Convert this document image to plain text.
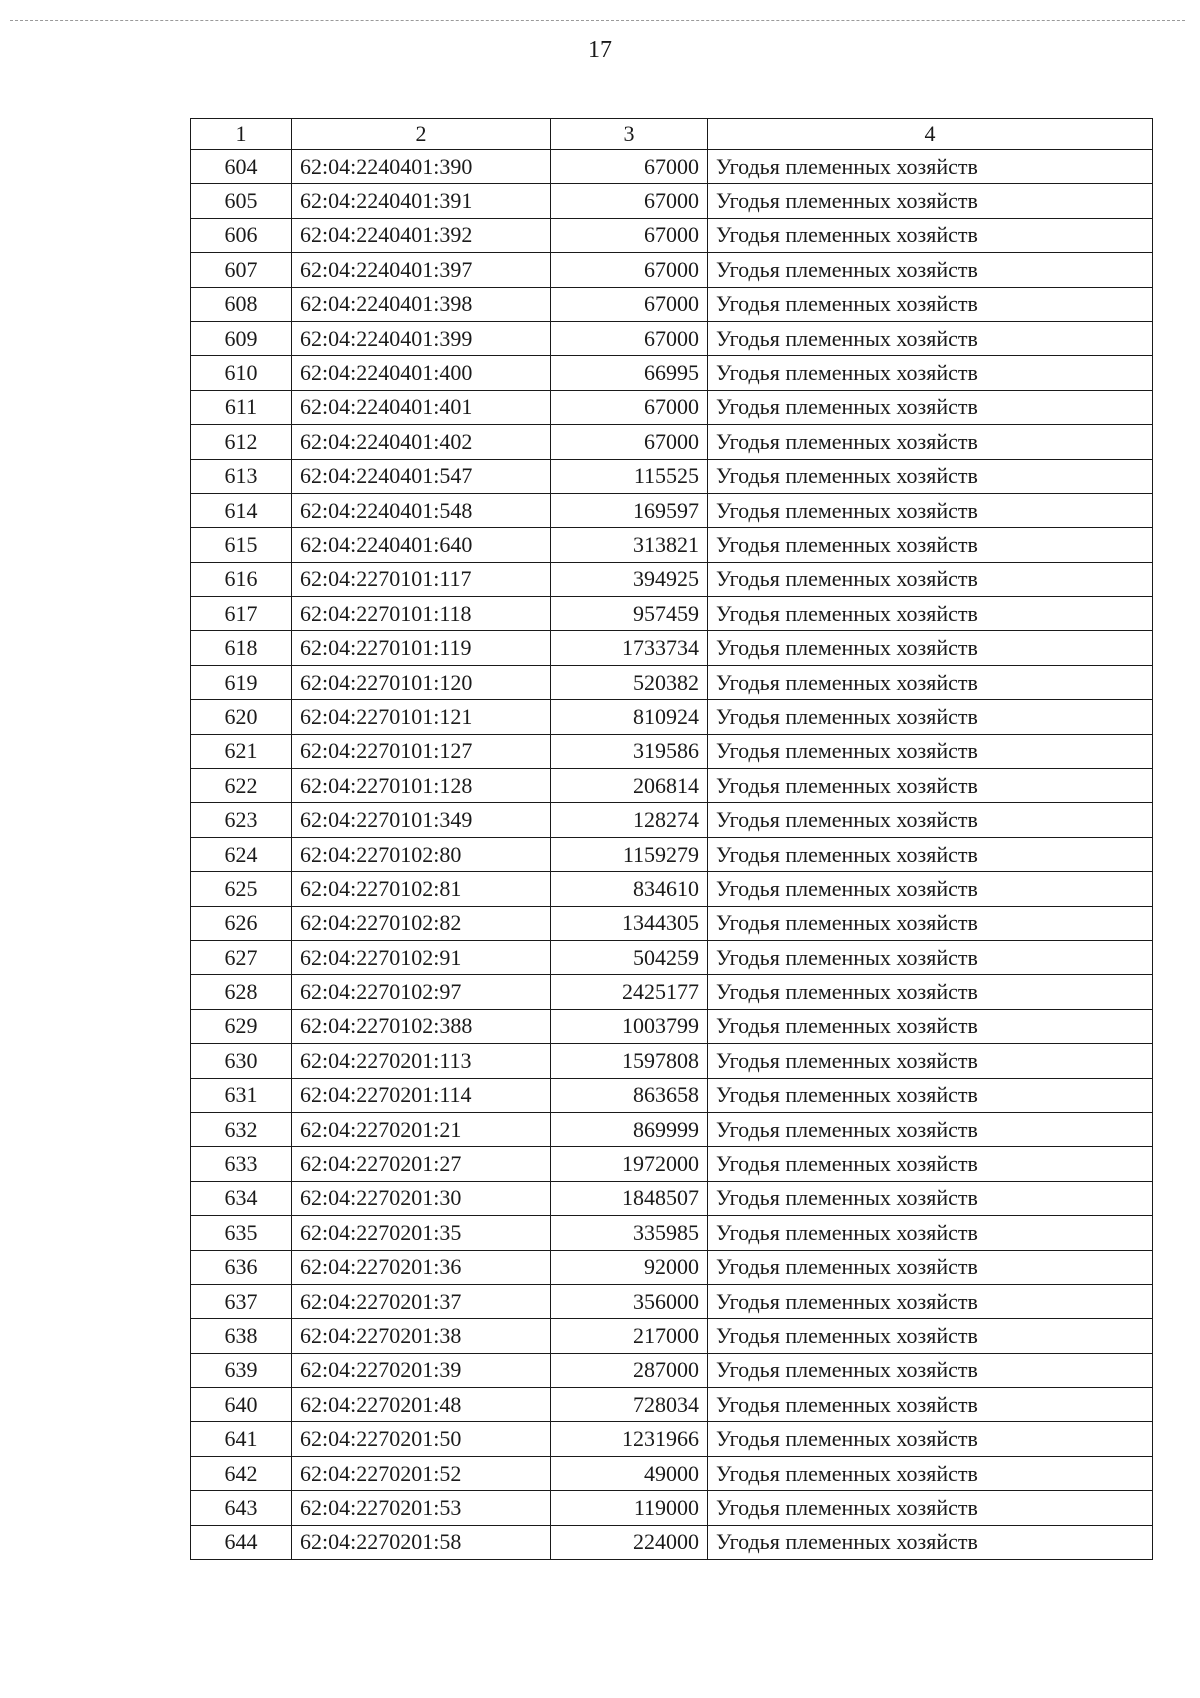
17
1	2	3	4
604	62:04:2240401:390	67000	Угодья племенных хозяйств
605	62:04:2240401:391	67000	Угодья племенных хозяйств
606	62:04:2240401:392	67000	Угодья племенных хозяйств
607	62:04:2240401:397	67000	Угодья племенных хозяйств
608	62:04:2240401:398	67000	Угодья племенных хозяйств
609	62:04:2240401:399	67000	Угодья племенных хозяйств
610	62:04:2240401:400	66995	Угодья племенных хозяйств
611	62:04:2240401:401	67000	Угодья племенных хозяйств
612	62:04:2240401:402	67000	Угодья племенных хозяйств
613	62:04:2240401:547	115525	Угодья племенных хозяйств
614	62:04:2240401:548	169597	Угодья племенных хозяйств
615	62:04:2240401:640	313821	Угодья племенных хозяйств
616	62:04:2270101:117	394925	Угодья племенных хозяйств
617	62:04:2270101:118	957459	Угодья племенных хозяйств
618	62:04:2270101:119	1733734	Угодья племенных хозяйств
619	62:04:2270101:120	520382	Угодья племенных хозяйств
620	62:04:2270101:121	810924	Угодья племенных хозяйств
621	62:04:2270101:127	319586	Угодья племенных хозяйств
622	62:04:2270101:128	206814	Угодья племенных хозяйств
623	62:04:2270101:349	128274	Угодья племенных хозяйств
624	62:04:2270102:80	1159279	Угодья племенных хозяйств
625	62:04:2270102:81	834610	Угодья племенных хозяйств
626	62:04:2270102:82	1344305	Угодья племенных хозяйств
627	62:04:2270102:91	504259	Угодья племенных хозяйств
628	62:04:2270102:97	2425177	Угодья племенных хозяйств
629	62:04:2270102:388	1003799	Угодья племенных хозяйств
630	62:04:2270201:113	1597808	Угодья племенных хозяйств
631	62:04:2270201:114	863658	Угодья племенных хозяйств
632	62:04:2270201:21	869999	Угодья племенных хозяйств
633	62:04:2270201:27	1972000	Угодья племенных хозяйств
634	62:04:2270201:30	1848507	Угодья племенных хозяйств
635	62:04:2270201:35	335985	Угодья племенных хозяйств
636	62:04:2270201:36	92000	Угодья племенных хозяйств
637	62:04:2270201:37	356000	Угодья племенных хозяйств
638	62:04:2270201:38	217000	Угодья племенных хозяйств
639	62:04:2270201:39	287000	Угодья племенных хозяйств
640	62:04:2270201:48	728034	Угодья племенных хозяйств
641	62:04:2270201:50	1231966	Угодья племенных хозяйств
642	62:04:2270201:52	49000	Угодья племенных хозяйств
643	62:04:2270201:53	119000	Угодья племенных хозяйств
644	62:04:2270201:58	224000	Угодья племенных хозяйств
